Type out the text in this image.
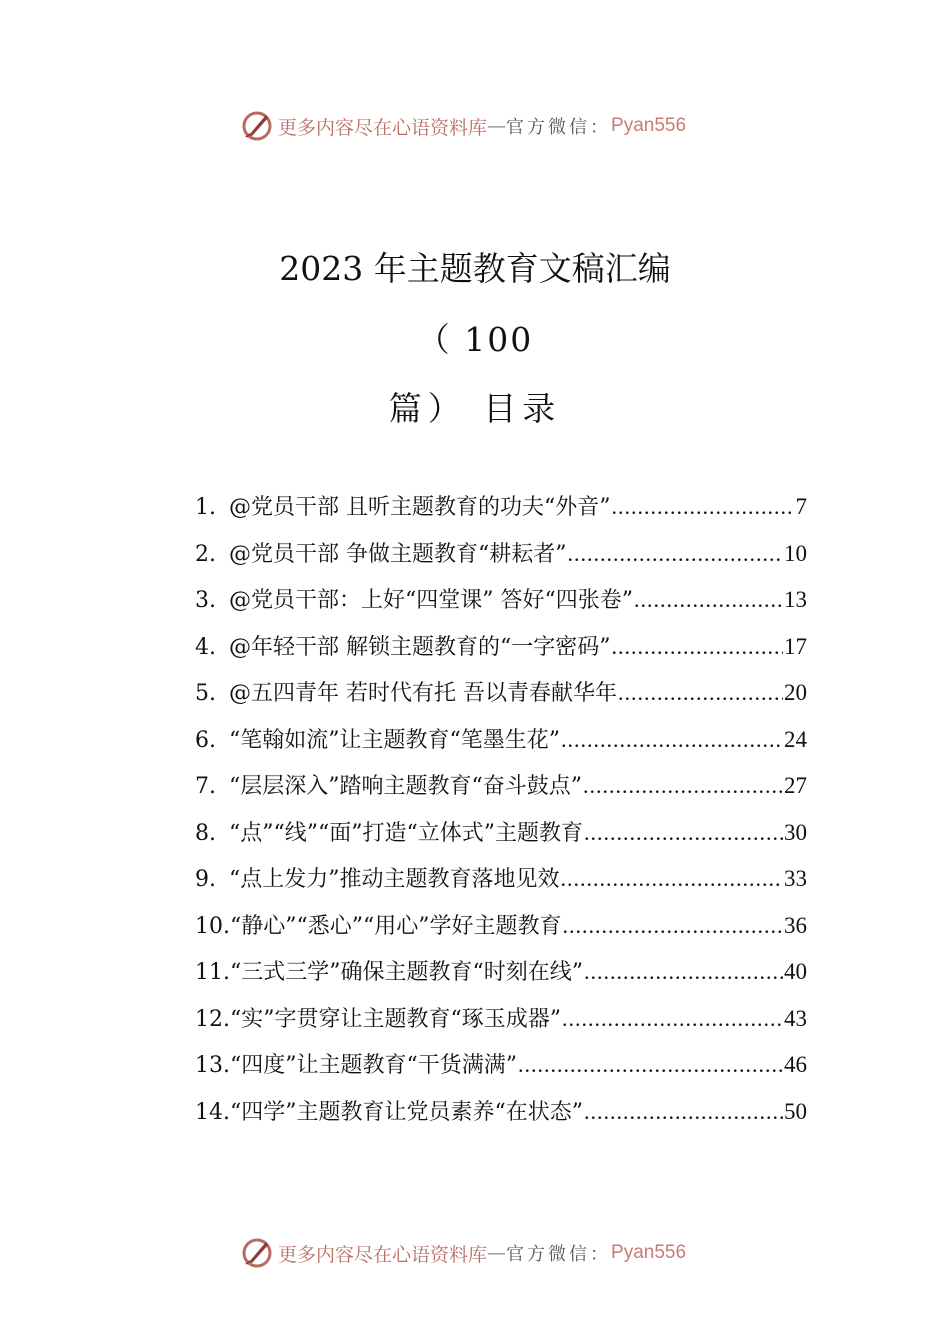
更多内容尽在心语资料库 — 官方微信： Pyan556
2023 年主题教育文稿汇编
（ 100
篇） 目录
1. @党员干部 且听主题教育的功夫“外音” .....	7
2. @党员干部 争做主题教育“耕耘者” .....	10
3. @党员干部：上好“四堂课” 答好“四张卷” .....	13
4. @年轻干部 解锁主题教育的“一字密码” .....	17
5. @五四青年 若时代有托 吾以青春献华年 .....	20
6. “笔翰如流”让主题教育“笔墨生花” .....	24
7. “层层深入”踏响主题教育“奋斗鼓点” .....	27
8. “点”“线”“面”打造“立体式”主题教育 .....	30
9. “点上发力”推动主题教育落地见效 .....	33
10. “静心”“悉心”“用心”学好主题教育 .....	36
11. “三式三学”确保主题教育“时刻在线” .....	40
12. “实”字贯穿让主题教育“琢玉成器” .....	43
13. “四度”让主题教育“干货满满” .....	46
14. “四学”主题教育让党员素养“在状态” .....	50
更多内容尽在心语资料库 — 官方微信： Pyan556
